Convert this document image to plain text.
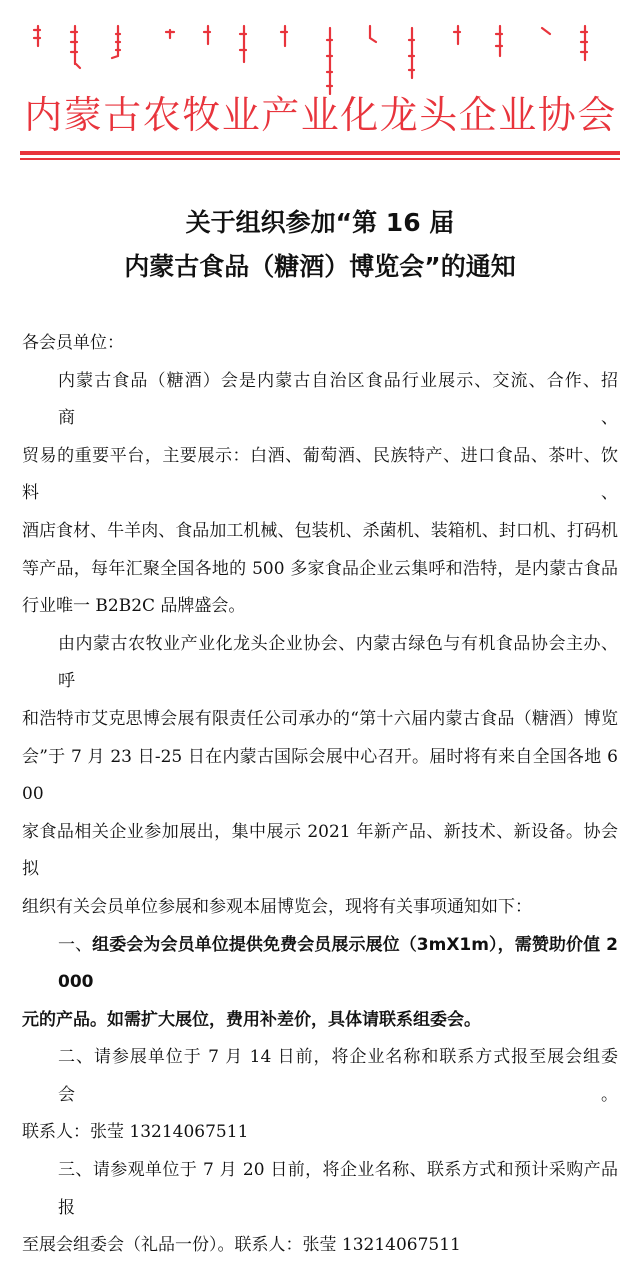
内蒙古农牧业产业化龙头企业协会
关于组织参加“第 16 届
内蒙古食品（糖酒）博览会”的通知
各会员单位：
内蒙古食品（糖酒）会是内蒙古自治区食品行业展示、交流、合作、招商、
贸易的重要平台，主要展示：白酒、葡萄酒、民族特产、进口食品、茶叶、饮料、
酒店食材、牛羊肉、食品加工机械、包装机、杀菌机、装箱机、封口机、打码机
等产品，每年汇聚全国各地的 500 多家食品企业云集呼和浩特，是内蒙古食品
行业唯一 B2B2C 品牌盛会。
由内蒙古农牧业产业化龙头企业协会、内蒙古绿色与有机食品协会主办、呼
和浩特市艾克思博会展有限责任公司承办的“第十六届内蒙古食品（糖酒）博览
会”于 7 月 23 日-25 日在内蒙古国际会展中心召开。届时将有来自全国各地 600
家食品相关企业参加展出，集中展示 2021 年新产品、新技术、新设备。协会拟
组织有关会员单位参展和参观本届博览会，现将有关事项通知如下：
一、组委会为会员单位提供免费会员展示展位（3mX1m），需赞助价值 2000
元的产品。如需扩大展位，费用补差价，具体请联系组委会。
二、请参展单位于 7 月 14 日前，将企业名称和联系方式报至展会组委会。
联系人：张莹 13214067511
三、请参观单位于 7 月 20 日前，将企业名称、联系方式和预计采购产品报
至展会组委会（礼品一份）。联系人：张莹 13214067511
